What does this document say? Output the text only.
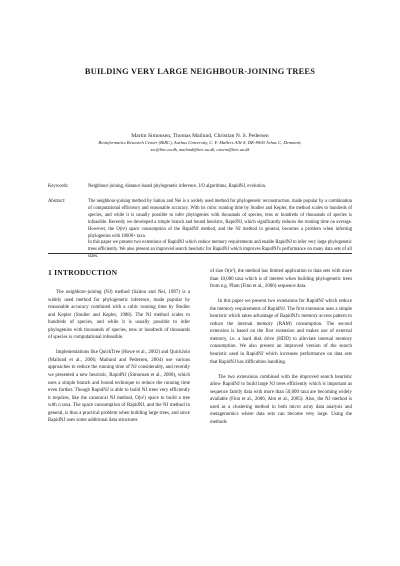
BUILDING VERY LARGE NEIGHBOUR-JOINING TREES
Martin Simonsen, Thomas Mailund, Christian N. S. Pedersen
Bioinformatics Research Center (BiRC), Aarhus University, C. F. Møllers Allé 8, DK-8000 Århus C, Denmark,
zsr@birc.au.dk, mailund@birc.au.dk, cstorm@birc.au.dk
Keywords:	Neighbour-joining, distance based phylogenetic inference, I/O algorithms, RapidNJ, evolution.
Abstract:	The neighbour-joining method by Saitou and Nei is a widely used method for phylogenetic reconstruction, made popular by a combination of computational efficiency and reasonable accuracy. With its cubic running time by Studier and Kepler, the method scales to hundreds of species, and while it is usually possible to infer phylogenies with thousands of species, tens or hundreds of thousands of species is infeasible. Recently we developed a simple branch and bound heuristic, RapidNJ, which significantly reduces the running time on average. However, the O(n²) space consumption of the RapidNJ method, and the NJ method in general, becomes a problem when inferring phylogenies with 10000+ taxa.

In this paper we present two extentions of RapidNJ which reduce memory requirements and enable RapidNJ to infer very large phylogenetic trees efficiently. We also present an improved search heuristic for RapidNJ which improves RapidNJ's performance on many data sets of all sizes.

1 INTRODUCTION

The neighbour-joining (NJ) method (Saitou and Nei, 1987) is a widely used method for phylogenetic inference, made popular by reasonable accuracy combined with a cubic running time by Studier and Kepler (Studier and Kepler, 1988). The NJ method scales to hundreds of species, and while it is usually possible to infer phylogenies with thousands of species, tens or hundreds of thousands of species is computational infeasible.

Implementations like QuickTree (Howe et al., 2002) and QuickJoin (Mailund et al., 2006; Mailund and Pedersen, 2004) use various approaches to reduce the running time of NJ considerably, and recently we presented a new heuristic, RapidNJ (Simonsen et al., 2008), which uses a simple branch and bound technique to reduce the running time even further. Though RapidNJ is able to build NJ trees very efficiently it requires, like the canonical NJ method, O(n²) space to build a tree with n taxa. The space consumption of RapidNJ, and the NJ method in general, is thus a practical problem when building large trees, and since RapidNJ uses some additional data structures

of size O(n²), the method has limited application to data sets with more than 10,000 taxa which is of interest when building phylogenetic trees from e.g. Pfam (Finn et al., 2006) sequence data.

In this paper we present two extensions for RapidNJ which reduce the memory requirements of RapidNJ. The first extension uses a simple heuristic which takes advantage of RapidNJ's memory access pattern to reduce the internal memory (RAM) consumption. The second extension is based on the first extension and makes use of external memory, i.e. a hard disk drive (HDD) to alleviate internal memory consumption. We also present an improved version of the search heuristic used in RapidNJ which increases performance on data sets that RapidNJ has difficulties handling.

The two extensions combined with the improved search heuristic allow RapidNJ to build large NJ trees efficiently which is important as sequence family data with more than 50,000 taxa are becoming widely available (Finn et al., 2006; Alm et al., 2005). Also, the NJ method is used as a clustering method in both micro array data analysis and metagenomics where data sets can become very large. Using the methods
